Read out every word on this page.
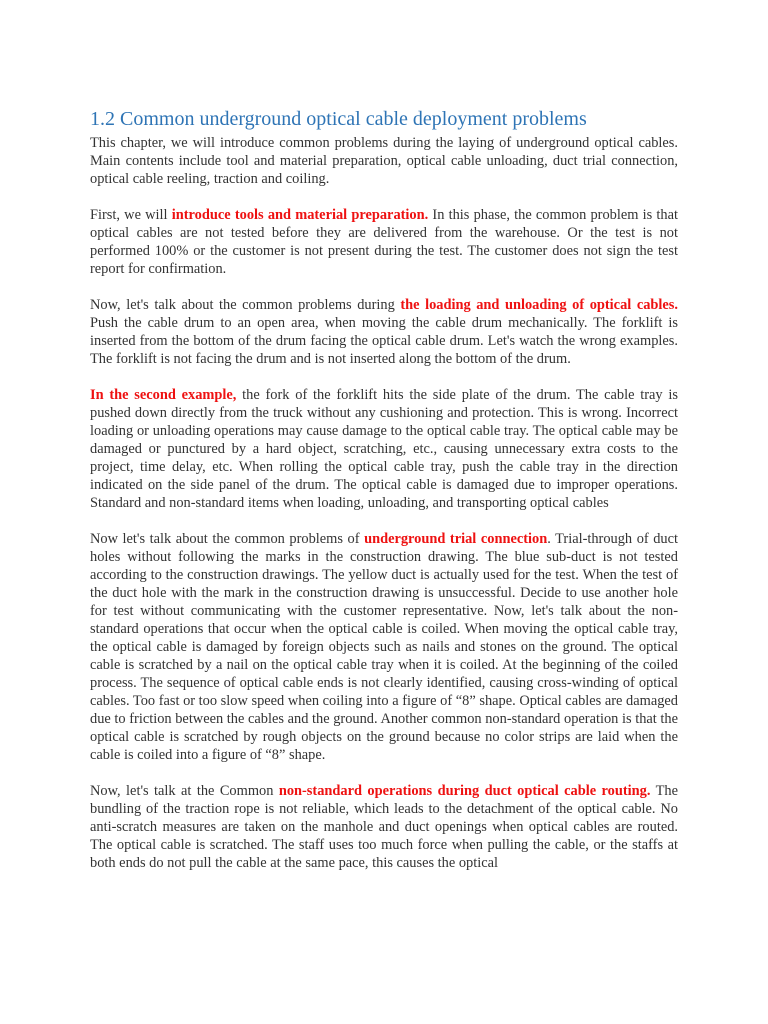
1.2 Common underground optical cable deployment problems

This chapter, we will introduce common problems during the laying of underground optical cables. Main contents include tool and material preparation, optical cable unloading, duct trial connection, optical cable reeling, traction and coiling.

First, we will introduce tools and material preparation. In this phase, the common problem is that optical cables are not tested before they are delivered from the warehouse. Or the test is not performed 100% or the customer is not present during the test. The customer does not sign the test report for confirmation.

Now, let's talk about the common problems during the loading and unloading of optical cables. Push the cable drum to an open area, when moving the cable drum mechanically. The forklift is inserted from the bottom of the drum facing the optical cable drum. Let's watch the wrong examples. The forklift is not facing the drum and is not inserted along the bottom of the drum.

In the second example, the fork of the forklift hits the side plate of the drum. The cable tray is pushed down directly from the truck without any cushioning and protection. This is wrong. Incorrect loading or unloading operations may cause damage to the optical cable tray. The optical cable may be damaged or punctured by a hard object, scratching, etc., causing unnecessary extra costs to the project, time delay, etc. When rolling the optical cable tray, push the cable tray in the direction indicated on the side panel of the drum. The optical cable is damaged due to improper operations. Standard and non-standard items when loading, unloading, and transporting optical cables

Now let's talk about the common problems of underground trial connection. Trial-through of duct holes without following the marks in the construction drawing. The blue sub-duct is not tested according to the construction drawings. The yellow duct is actually used for the test. When the test of the duct hole with the mark in the construction drawing is unsuccessful. Decide to use another hole for test without communicating with the customer representative. Now, let's talk about the non-standard operations that occur when the optical cable is coiled. When moving the optical cable tray, the optical cable is damaged by foreign objects such as nails and stones on the ground. The optical cable is scratched by a nail on the optical cable tray when it is coiled. At the beginning of the coiled process. The sequence of optical cable ends is not clearly identified, causing cross-winding of optical cables. Too fast or too slow speed when coiling into a figure of “8” shape. Optical cables are damaged due to friction between the cables and the ground. Another common non-standard operation is that the optical cable is scratched by rough objects on the ground because no color strips are laid when the cable is coiled into a figure of “8” shape.

Now, let's talk at the Common non-standard operations during duct optical cable routing. The bundling of the traction rope is not reliable, which leads to the detachment of the optical cable. No anti-scratch measures are taken on the manhole and duct openings when optical cables are routed. The optical cable is scratched. The staff uses too much force when pulling the cable, or the staffs at both ends do not pull the cable at the same pace, this causes the optical
